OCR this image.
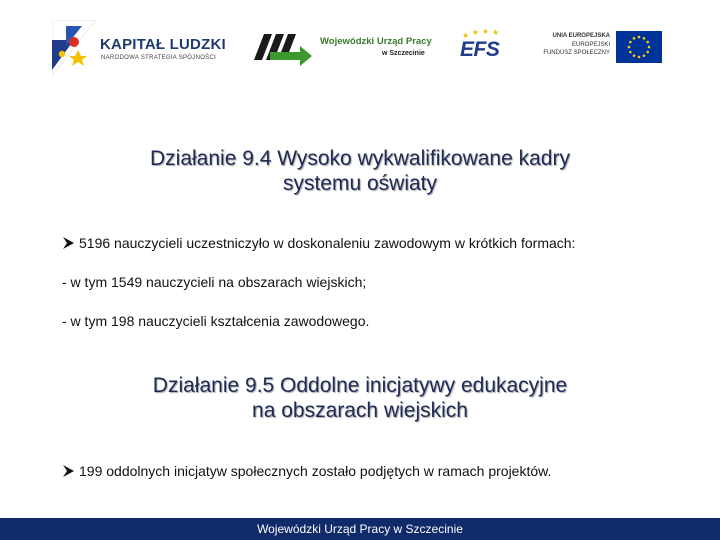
KAPITAŁ LUDZKI
NARODOWA STRATEGIA SPÓJNOŚCI
Wojewódzki Urząd Pracy
w Szczecinie
★ ★ ★ ★
EFS
UNIA EUROPEJSKA
EUROPEJSKI
FUNDUSZ SPOŁECZNY
Działanie 9.4 Wysoko wykwalifikowane kadry
systemu oświaty
5196 nauczycieli uczestniczyło w doskonaleniu zawodowym w krótkich formach:
- w tym 1549 nauczycieli na obszarach wiejskich;
- w tym 198 nauczycieli kształcenia zawodowego.
Działanie 9.5 Oddolne inicjatywy edukacyjne
na obszarach wiejskich
199 oddolnych inicjatyw społecznych zostało podjętych w ramach projektów.
Wojewódzki Urząd Pracy w Szczecinie
